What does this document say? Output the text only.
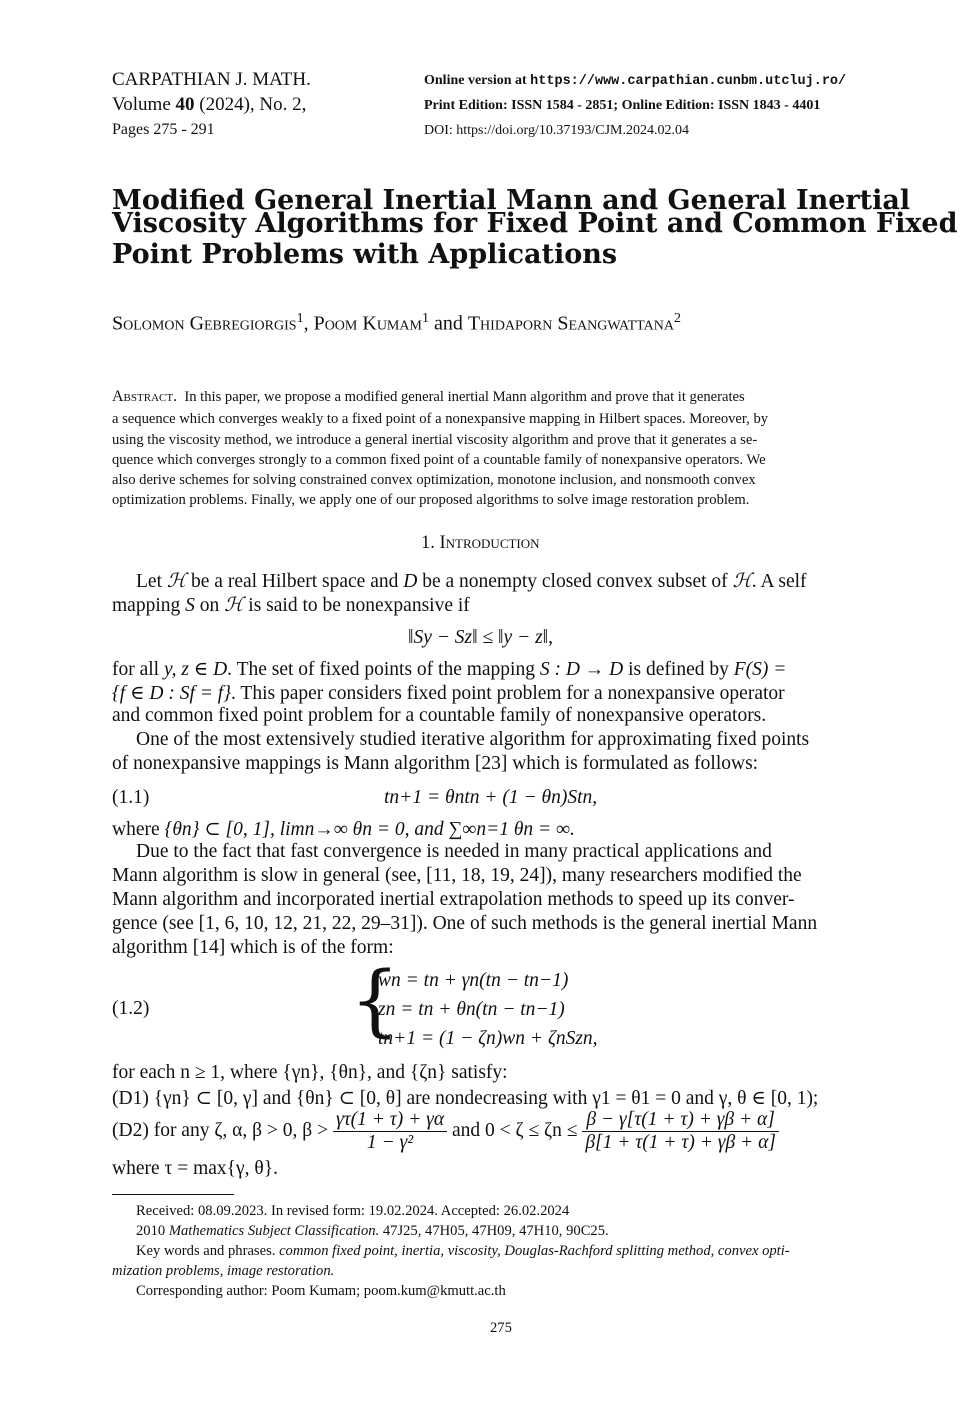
CARPATHIAN J. MATH.
Volume 40 (2024), No. 2,
Pages 275 - 291
Online version at https://www.carpathian.cunbm.utcluj.ro/
Print Edition: ISSN 1584 - 2851; Online Edition: ISSN 1843 - 4401
DOI: https://doi.org/10.37193/CJM.2024.02.04
Modified General Inertial Mann and General Inertial
Viscosity Algorithms for Fixed Point and Common Fixed
Point Problems with Applications
Solomon Gebregiorgis$^1$, Poom Kumam$^1$ and Thidaporn Seangwattana$^2$
Abstract. In this paper, we propose a modified general inertial Mann algorithm and prove that it generates
a sequence which converges weakly to a fixed point of a nonexpansive mapping in Hilbert spaces. Moreover, by
using the viscosity method, we introduce a general inertial viscosity algorithm and prove that it generates a se-
quence which converges strongly to a common fixed point of a countable family of nonexpansive operators. We
also derive schemes for solving constrained convex optimization, monotone inclusion, and nonsmooth convex
optimization problems. Finally, we apply one of our proposed algorithms to solve image restoration problem.
1. Introduction
Let ℋ be a real Hilbert space and D be a nonempty closed convex subset of ℋ. A self
mapping S on ℋ is said to be nonexpansive if
‖Sy − Sz‖ ≤ ‖y − z‖,
for all y, z ∈ D. The set of fixed points of the mapping S : D → D is defined by F(S) =
{f ∈ D : Sf = f}. This paper considers fixed point problem for a nonexpansive operator
and common fixed point problem for a countable family of nonexpansive operators.
One of the most extensively studied iterative algorithm for approximating fixed points
of nonexpansive mappings is Mann algorithm [23] which is formulated as follows:
(1.1)	tn+1 = θntn + (1 − θn)Stn,
where {θn} ⊂ [0, 1], limn→∞ θn = 0, and ∑∞n=1 θn = ∞.
Due to the fact that fast convergence is needed in many practical applications and
Mann algorithm is slow in general (see, [11, 18, 19, 24]), many researchers modified the
Mann algorithm and incorporated inertial extrapolation methods to speed up its conver-
gence (see [1, 6, 10, 12, 21, 22, 29–31]). One of such methods is the general inertial Mann
algorithm [14] which is of the form:
(1.2)	{
wn = tn + γn(tn − tn−1)
zn = tn + θn(tn − tn−1)
tn+1 = (1 − ζn)wn + ζnSzn,
for each n ≥ 1, where {γn}, {θn}, and {ζn} satisfy:
(D1) {γn} ⊂ [0, γ] and {θn} ⊂ [0, θ] are nondecreasing with γ1 = θ1 = 0 and γ, θ ∈ [0, 1);
(D2) for any ζ, α, β > 0, $\beta > \frac{\gamma\tau(1 + \tau) + \gamma\alpha}{\text{1 − γ²}}$ and $0 < \zeta \le \zeta n \le \frac{\beta - \gamma[\tau(1 + \tau) + \gamma\beta + \alpha]}{\beta[1 + \tau(1 + \tau) + \gamma\beta + \alpha]}$
where τ = max{γ, θ}.
Received: 08.09.2023. In revised form: 19.02.2024. Accepted: 26.02.2024
2010 Mathematics Subject Classification. 47J25, 47H05, 47H09, 47H10, 90C25.
Key words and phrases. common fixed point, inertia, viscosity, Douglas-Rachford splitting method, convex opti-
mization problems, image restoration.
Corresponding author: Poom Kumam; poom.kum@kmutt.ac.th
275
